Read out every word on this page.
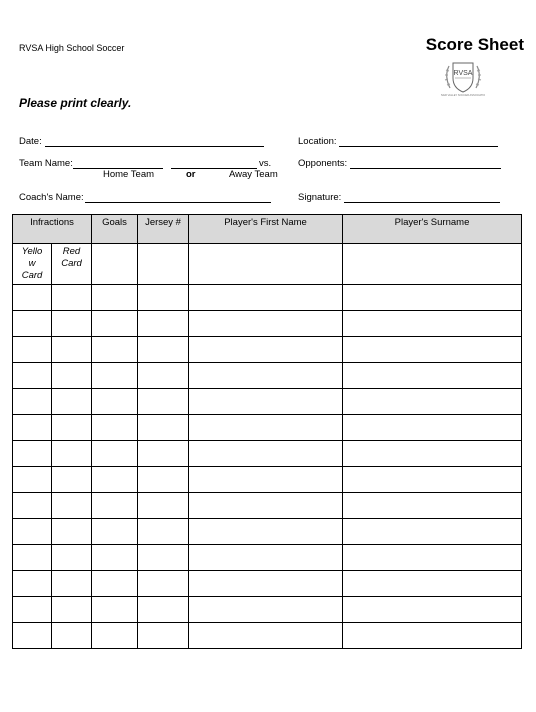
RVSA High School Soccer	Score Sheet
RVSA
RIVER VALLEY SOCCER ASSOCIATION
Please print clearly.
Date:	Location:
Team Name:	vs.	Opponents:
Home Team	or	Away Team
Coach's Name:	Signature:
Infractions		Goals	Jersey #	Player's First Name	Player's Surname
Yello w Card	Red Card				
